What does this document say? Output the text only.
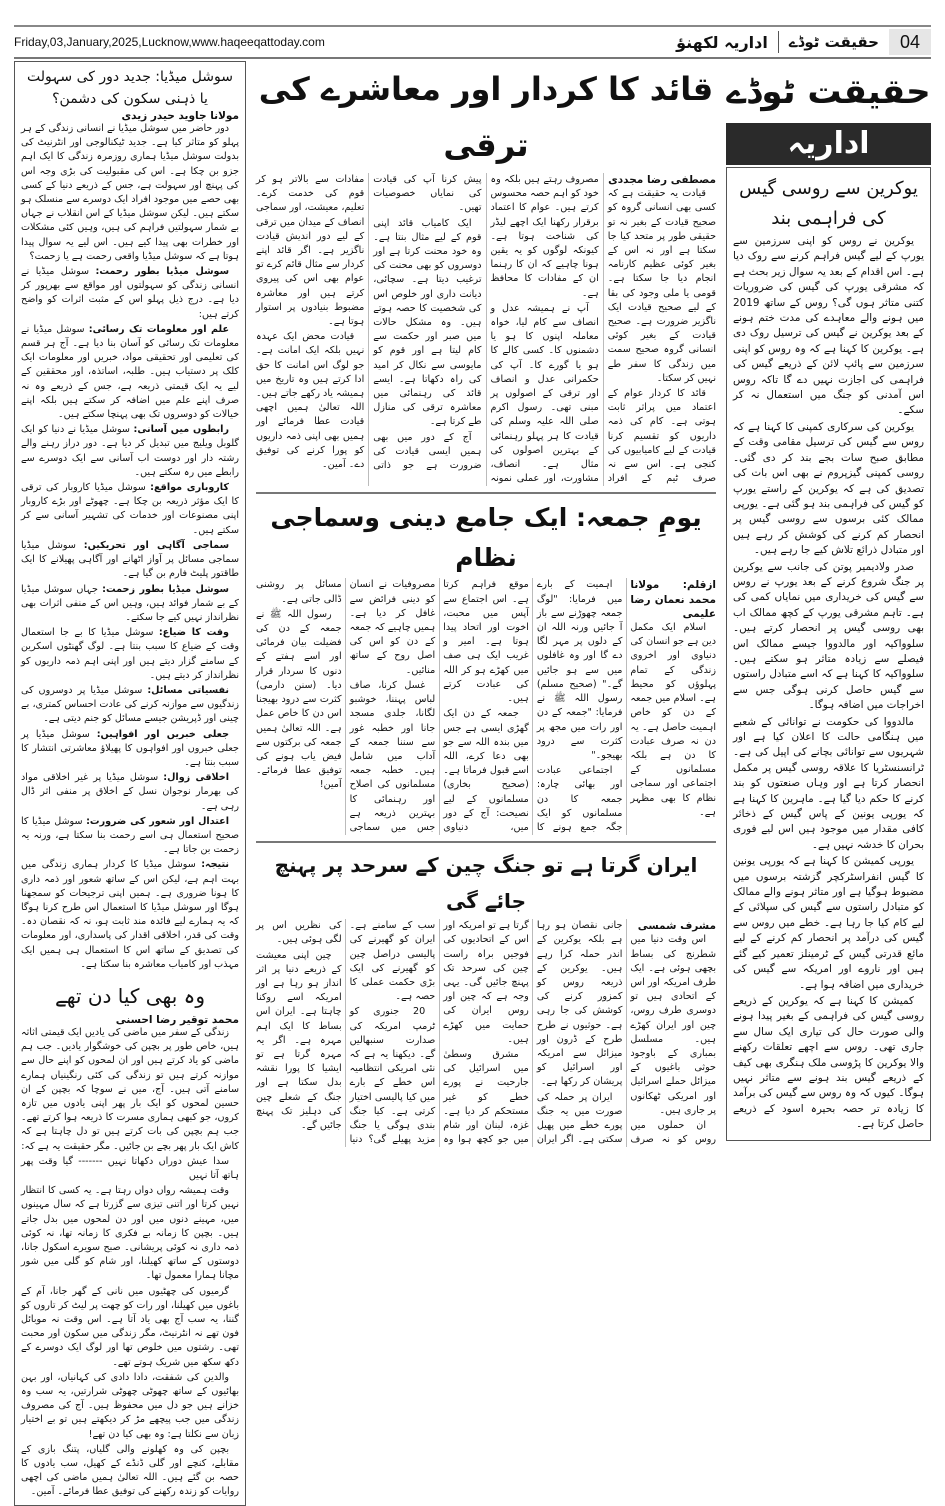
Friday,03,January,2025,Lucknow,www.haqeeqattoday.com	اداریہ لکھنؤ	حقیقت ٹوڈے	04
سوشل میڈیا: جدید دور کی سہولت یا ذہنی سکون کی دشمن؟
مولانا جاوید حیدر زیدی

دور حاضر میں سوشل میڈیا نے انسانی زندگی کے ہر پہلو کو متاثر کیا ہے۔ جدید ٹیکنالوجی اور انٹرنیٹ کی بدولت سوشل میڈیا ہماری روزمرہ زندگی کا ایک اہم جزو بن چکا ہے۔ اس کی مقبولیت کی بڑی وجہ اس کی پہنچ اور سہولت ہے، جس کے ذریعے دنیا کے کسی بھی حصے میں موجود افراد ایک دوسرے سے منسلک ہو سکتے ہیں۔ لیکن سوشل میڈیا کے اس انقلاب نے جہاں بے شمار سہولتیں فراہم کی ہیں، وہیں کئی مشکلات اور خطرات بھی پیدا کیے ہیں۔ اس لیے یہ سوال پیدا ہوتا ہے کہ سوشل میڈیا واقعی رحمت ہے یا زحمت؟

سوشل میڈیا بطور رحمت: سوشل میڈیا نے انسانی زندگی کو سہولتوں اور مواقع سے بھرپور کر دیا ہے۔ درج ذیل پہلو اس کے مثبت اثرات کو واضح کرتے ہیں:

علم اور معلومات تک رسائی: سوشل میڈیا نے معلومات تک رسائی کو آسان بنا دیا ہے۔ آج ہر قسم کی تعلیمی اور تحقیقی مواد، خبریں اور معلومات ایک کلک پر دستیاب ہیں۔ طلبہ، اساتذہ، اور محققین کے لیے یہ ایک قیمتی ذریعہ ہے، جس کے ذریعے وہ نہ صرف اپنے علم میں اضافہ کر سکتے ہیں بلکہ اپنے خیالات کو دوسروں تک بھی پہنچا سکتے ہیں۔

رابطوں میں آسانی: سوشل میڈیا نے دنیا کو ایک گلوبل ویلیج میں تبدیل کر دیا ہے۔ دور دراز رہنے والے رشتہ دار اور دوست اب آسانی سے ایک دوسرے سے رابطے میں رہ سکتے ہیں۔

کاروباری مواقع: سوشل میڈیا کاروبار کی ترقی کا ایک مؤثر ذریعہ بن چکا ہے۔ چھوٹے اور بڑے کاروبار اپنی مصنوعات اور خدمات کی تشہیر آسانی سے کر سکتے ہیں۔

سماجی آگاہی اور تحریکیں: سوشل میڈیا سماجی مسائل پر آواز اٹھانے اور آگاہی پھیلانے کا ایک طاقتور پلیٹ فارم بن گیا ہے۔

سوشل میڈیا بطور زحمت: جہاں سوشل میڈیا کے بے شمار فوائد ہیں، وہیں اس کے منفی اثرات بھی نظرانداز نہیں کیے جا سکتے۔

وقت کا ضیاع: سوشل میڈیا کا بے جا استعمال وقت کے ضیاع کا سبب بنتا ہے۔ لوگ گھنٹوں اسکرین کے سامنے گزار دیتے ہیں اور اپنی اہم ذمہ داریوں کو نظرانداز کر دیتے ہیں۔

نفسیاتی مسائل: سوشل میڈیا پر دوسروں کی زندگیوں سے موازنہ کرنے کی عادت احساس کمتری، بے چینی اور ڈپریشن جیسے مسائل کو جنم دیتی ہے۔

جعلی خبریں اور افواہیں: سوشل میڈیا پر جعلی خبروں اور افواہوں کا پھیلاؤ معاشرتی انتشار کا سبب بنتا ہے۔

اخلاقی زوال: سوشل میڈیا پر غیر اخلاقی مواد کی بھرمار نوجوان نسل کے اخلاق پر منفی اثر ڈال رہی ہے۔

اعتدال اور شعور کی ضرورت: سوشل میڈیا کا صحیح استعمال ہی اسے رحمت بنا سکتا ہے، ورنہ یہ زحمت بن جاتا ہے۔

نتیجہ: سوشل میڈیا کا کردار ہماری زندگی میں بہت اہم ہے، لیکن اس کے ساتھ شعور اور ذمہ داری کا ہونا ضروری ہے۔ ہمیں اپنی ترجیحات کو سمجھنا ہوگا اور سوشل میڈیا کا استعمال اس طرح کرنا ہوگا کہ یہ ہمارے لیے فائدہ مند ثابت ہو، نہ کہ نقصان دہ۔ وقت کی قدر، اخلاقی اقدار کی پاسداری، اور معلومات کی تصدیق کے ساتھ اس کا استعمال ہی ہمیں ایک مہذب اور کامیاب معاشرہ بنا سکتا ہے۔

وہ بھی کیا دن تھے
محمد توقیر رضا احسنی

زندگی کے سفر میں ماضی کی یادیں ایک قیمتی اثاثہ ہیں، خاص طور پر بچپن کی خوشگوار یادیں۔ جب ہم ماضی کو یاد کرتے ہیں اور ان لمحوں کو اپنے حال سے موازنہ کرتے ہیں تو زندگی کی کئی رنگینیاں ہمارے سامنے آتی ہیں۔ آج، میں نے سوچا کہ بچپن کے ان حسین لمحوں کو ایک بار پھر اپنی یادوں میں تازہ کروں، جو کبھی ہماری مسرت کا ذریعہ ہوا کرتے تھے۔ جب ہم بچپن کی بات کرتے ہیں تو دل چاہتا ہے کہ کاش ایک بار پھر بچے بن جائیں۔ مگر حقیقت یہ ہے کہ:

سدا عیش دوراں دکھاتا نہیں ------- گیا وقت پھر ہاتھ آتا نہیں

وقت ہمیشہ رواں دواں رہتا ہے۔ یہ کسی کا انتظار نہیں کرتا اور اتنی تیزی سے گزرتا ہے کہ سال مہینوں میں، مہینے دنوں میں اور دن لمحوں میں بدل جاتے ہیں۔ بچپن کا زمانہ بے فکری کا زمانہ تھا، نہ کوئی ذمہ داری نہ کوئی پریشانی۔ صبح سویرے اسکول جانا، دوستوں کے ساتھ کھیلنا، اور شام کو گلی میں شور مچانا ہمارا معمول تھا۔

گرمیوں کی چھٹیوں میں نانی کے گھر جانا، آم کے باغوں میں کھیلنا، اور رات کو چھت پر لیٹ کر تاروں کو گننا، یہ سب آج بھی یاد آتا ہے۔ اس وقت نہ موبائل فون تھے نہ انٹرنیٹ، مگر زندگی میں سکون اور محبت تھی۔ رشتوں میں خلوص تھا اور لوگ ایک دوسرے کے دکھ سکھ میں شریک ہوتے تھے۔

والدین کی شفقت، دادا دادی کی کہانیاں، اور بہن بھائیوں کے ساتھ چھوٹی چھوٹی شرارتیں، یہ سب وہ خزانے ہیں جو دل میں محفوظ ہیں۔ آج کی مصروف زندگی میں جب پیچھے مڑ کر دیکھتے ہیں تو بے اختیار زبان سے نکلتا ہے: وہ بھی کیا دن تھے!

بچپن کی وہ کھلونے والی گلیاں، پتنگ بازی کے مقابلے، کنچے اور گلی ڈنڈے کے کھیل، سب یادوں کا حصہ بن گئے ہیں۔ اللہ تعالیٰ ہمیں ماضی کی اچھی روایات کو زندہ رکھنے کی توفیق عطا فرمائے۔ آمین۔

قائد کا کردار اور معاشرے کی ترقی
مصطفی رضا مجددی

قیادت یہ حقیقت ہے کہ کسی بھی انسانی گروہ کو صحیح قیادت کے بغیر نہ تو حقیقی طور پر متحد کیا جا سکتا ہے اور نہ اس کے بغیر کوئی عظیم کارنامہ انجام دیا جا سکتا ہے۔ قومی یا ملی وجود کی بقا کے لیے صحیح قیادت ایک ناگزیر ضرورت ہے۔ صحیح قیادت کے بغیر کوئی انسانی گروہ صحیح سمت میں زندگی کا سفر طے نہیں کر سکتا۔

قائد کا کردار عوام کے اعتماد میں پراثر ثابت ہوتی ہے۔ کام کی ذمہ داریوں کو تقسیم کرنا قیادت کے لیے کامیابیوں کی کنجی ہے۔ اس سے نہ صرف ٹیم کے افراد مصروف رہتے ہیں بلکہ وہ خود کو اہم حصہ محسوس کرتے ہیں۔ عوام کا اعتماد برقرار رکھنا ایک اچھے لیڈر کی شناخت ہوتا ہے۔ کیونکہ لوگوں کو یہ یقین ہونا چاہیے کہ ان کا رہنما ان کے مفادات کا محافظ ہے۔

آپ نے ہمیشہ عدل و انصاف سے کام لیا، خواہ معاملہ اپنوں کا ہو یا دشمنوں کا۔ کسی کالے کا ہو یا گورے کا۔ آپ کی حکمرانی عدل و انصاف اور ترقی کے اصولوں پر مبنی تھی۔ رسول اکرم صلی اللہ علیہ وسلم کی قیادت کا ہر پہلو رہنمائی کے بہترین اصولوں کی مثال ہے۔ انصاف، مشاورت، اور عملی نمونہ پیش کرنا آپ کی قیادت کی نمایاں خصوصیات تھیں۔

ایک کامیاب قائد اپنی قوم کے لیے مثال بنتا ہے۔ وہ خود محنت کرتا ہے اور دوسروں کو بھی محنت کی ترغیب دیتا ہے۔ سچائی، دیانت داری اور خلوص اس کی شخصیت کا حصہ ہوتے ہیں۔ وہ مشکل حالات میں صبر اور حکمت سے کام لیتا ہے اور قوم کو مایوسی سے نکال کر امید کی راہ دکھاتا ہے۔ ایسے قائد کی رہنمائی میں معاشرہ ترقی کی منازل طے کرتا ہے۔

آج کے دور میں بھی ہمیں ایسی قیادت کی ضرورت ہے جو ذاتی مفادات سے بالاتر ہو کر قوم کی خدمت کرے۔ تعلیم، معیشت، اور سماجی انصاف کے میدان میں ترقی کے لیے دور اندیش قیادت ناگزیر ہے۔ اگر قائد اپنے کردار سے مثال قائم کرے تو عوام بھی اس کی پیروی کرتے ہیں اور معاشرہ مضبوط بنیادوں پر استوار ہوتا ہے۔

قیادت محض ایک عہدہ نہیں بلکہ ایک امانت ہے۔ جو لوگ اس امانت کا حق ادا کرتے ہیں وہ تاریخ میں ہمیشہ یاد رکھے جاتے ہیں۔ اللہ تعالیٰ ہمیں اچھی قیادت عطا فرمائے اور ہمیں بھی اپنی ذمہ داریوں کو پورا کرنے کی توفیق دے۔ آمین۔

یومِ جمعہ: ایک جامع دینی وسماجی نظام
ازقلم: مولانا محمد نعمان رضا علیمی

اسلام ایک مکمل دین ہے جو انسان کی دنیاوی اور اخروی زندگی کے تمام پہلوؤں کو محیط ہے۔ اسلام میں جمعہ کے دن کو خاص اہمیت حاصل ہے۔ یہ دن نہ صرف عبادت کا دن ہے بلکہ مسلمانوں کے اجتماعی اور سماجی نظام کا بھی مظہر ہے۔

اہمیت کے بارے میں فرمایا: "لوگ جمعہ چھوڑنے سے باز آ جائیں ورنہ اللہ ان کے دلوں پر مہر لگا دے گا اور وہ غافلوں میں سے ہو جائیں گے۔" (صحیح مسلم) رسول اللہ ﷺ نے فرمایا: "جمعہ کے دن اور رات میں مجھ پر کثرت سے درود بھیجو۔"

اجتماعی عبادت اور بھائی چارہ: جمعہ کا دن مسلمانوں کو ایک جگہ جمع ہونے کا موقع فراہم کرتا ہے۔ اس اجتماع سے آپس میں محبت، اخوت اور اتحاد پیدا ہوتا ہے۔ امیر و غریب ایک ہی صف میں کھڑے ہو کر اللہ کی عبادت کرتے ہیں۔

جمعہ کے دن ایک گھڑی ایسی ہے جس میں بندہ اللہ سے جو بھی دعا کرے، اللہ اسے قبول فرماتا ہے۔ (صحیح بخاری) مسلمانوں کے لیے نصیحت: آج کے دور میں، دنیاوی مصروفیات نے انسان کو دینی فرائض سے غافل کر دیا ہے۔ ہمیں چاہیے کہ جمعہ کے دن کو اس کی اصل روح کے ساتھ منائیں۔

غسل کرنا، صاف لباس پہننا، خوشبو لگانا، جلدی مسجد جانا اور خطبہ غور سے سننا جمعہ کے آداب میں شامل ہیں۔ خطبہ جمعہ مسلمانوں کی اصلاح اور رہنمائی کا بہترین ذریعہ ہے جس میں سماجی مسائل پر روشنی ڈالی جاتی ہے۔

رسول اللہ ﷺ نے جمعہ کے دن کی فضیلت بیان فرمائی اور اسے ہفتے کے دنوں کا سردار قرار دیا۔ (سنن دارمی) کثرت سے درود بھیجنا اس دن کا خاص عمل ہے۔ اللہ تعالیٰ ہمیں جمعہ کی برکتوں سے فیض یاب ہونے کی توفیق عطا فرمائے۔ آمین!

ایران گرتا ہے تو جنگ چین کے سرحد پر پہنچ جائے گی
مشرف شمسی

اس وقت دنیا میں شطرنج کی بساط بچھی ہوئی ہے۔ ایک طرف امریکہ اور اس کے اتحادی ہیں تو دوسری طرف روس، چین اور ایران کھڑے ہیں۔ مسلسل بمباری کے باوجود حوثی باغیوں کے میزائل حملے اسرائیل اور امریکی ٹھکانوں پر جاری ہیں۔

ان حملوں میں روس کو نہ صرف جانی نقصان ہو رہا ہے بلکہ یوکرین کے اندر حملہ کرا رہے ہیں۔ یوکرین کے ذریعہ روس کو کمزور کرنے کی کوشش کی جا رہی ہے۔ حوثیوں نے طرح طرح کے ڈرون اور میزائل سے امریکہ اور اسرائیل کو پریشان کر رکھا ہے۔

ایران پر حملہ کی صورت میں یہ جنگ پورے خطے میں پھیل سکتی ہے۔ اگر ایران گرتا ہے تو امریکہ اور اس کے اتحادیوں کی فوجیں براہ راست چین کی سرحد تک پہنچ جائیں گی۔ یہی وجہ ہے کہ چین اور روس ایران کی حمایت میں کھڑے ہیں۔

مشرق وسطیٰ میں اسرائیل کی جارحیت نے پورے خطے کو غیر مستحکم کر دیا ہے۔ غزہ، لبنان اور شام میں جو کچھ ہوا وہ سب کے سامنے ہے۔ ایران کو گھیرنے کی پالیسی دراصل چین کو گھیرنے کی ایک بڑی حکمت عملی کا حصہ ہے۔

20 جنوری کو ٹرمپ امریکہ کی صدارت سنبھالیں گے۔ دیکھنا یہ ہے کہ نئی امریکی انتظامیہ اس خطے کے بارے میں کیا پالیسی اختیار کرتی ہے۔ کیا جنگ بندی ہوگی یا جنگ مزید پھیلے گی؟ دنیا کی نظریں اس پر لگی ہوئی ہیں۔

چین اپنی معیشت کے ذریعے دنیا پر اثر انداز ہو رہا ہے اور امریکہ اسے روکنا چاہتا ہے۔ ایران اس بساط کا ایک اہم مہرہ ہے۔ اگر یہ مہرہ گرتا ہے تو ایشیا کا پورا نقشہ بدل سکتا ہے اور جنگ کے شعلے چین کی دہلیز تک پہنچ جائیں گے۔

حقیقت ٹوڈے
اداریہ
یوکرین سے روسی گیس کی فراہمی بند

یوکرین نے روس کو اپنی سرزمین سے یورپ کے لیے گیس فراہم کرنے سے روک دیا ہے۔ اس اقدام کے بعد یہ سوال زیر بحث ہے کہ مشرقی یورپ کی گیس کی ضروریات کتنی متاثر ہوں گی؟ روس کے ساتھ 2019 میں ہونے والے معاہدے کی مدت ختم ہونے کے بعد یوکرین نے گیس کی ترسیل روک دی ہے۔ یوکرین کا کہنا ہے کہ وہ روس کو اپنی سرزمین سے پائپ لائن کے ذریعے گیس کی فراہمی کی اجازت نہیں دے گا تاکہ روس اس آمدنی کو جنگ میں استعمال نہ کر سکے۔

یوکرین کی سرکاری کمپنی کا کہنا ہے کہ روس سے گیس کی ترسیل مقامی وقت کے مطابق صبح سات بجے بند کر دی گئی۔ روسی کمپنی گیزپروم نے بھی اس بات کی تصدیق کی ہے کہ یوکرین کے راستے یورپ کو گیس کی فراہمی بند ہو گئی ہے۔ یورپی ممالک کئی برسوں سے روسی گیس پر انحصار کم کرنے کی کوشش کر رہے ہیں اور متبادل ذرائع تلاش کیے جا رہے ہیں۔

صدر ولادیمیر پوتن کی جانب سے یوکرین پر جنگ شروع کرنے کے بعد یورپ نے روس سے گیس کی خریداری میں نمایاں کمی کی ہے۔ تاہم مشرقی یورپ کے کچھ ممالک اب بھی روسی گیس پر انحصار کرتے ہیں۔ سلوواکیہ اور مالدووا جیسے ممالک اس فیصلے سے زیادہ متاثر ہو سکتے ہیں۔ سلوواکیہ کا کہنا ہے کہ اسے متبادل راستوں سے گیس حاصل کرنی ہوگی جس سے اخراجات میں اضافہ ہوگا۔

مالدووا کی حکومت نے توانائی کے شعبے میں ہنگامی حالت کا اعلان کیا ہے اور شہریوں سے توانائی بچانے کی اپیل کی ہے۔ ٹرانسنسٹریا کا علاقہ روسی گیس پر مکمل انحصار کرتا ہے اور وہاں صنعتوں کو بند کرنے کا حکم دیا گیا ہے۔ ماہرین کا کہنا ہے کہ یورپی یونین کے پاس گیس کے ذخائر کافی مقدار میں موجود ہیں اس لیے فوری بحران کا خدشہ نہیں ہے۔

یورپی کمیشن کا کہنا ہے کہ یورپی یونین کا گیس انفراسٹرکچر گزشتہ برسوں میں مضبوط ہوگیا ہے اور متاثر ہونے والے ممالک کو متبادل راستوں سے گیس کی سپلائی کے لیے کام کیا جا رہا ہے۔ خطے میں روس سے گیس کی درآمد پر انحصار کم کرنے کے لیے مائع قدرتی گیس کے ٹرمینلز تعمیر کیے گئے ہیں اور ناروے اور امریکہ سے گیس کی خریداری میں اضافہ ہوا ہے۔

کمیشن کا کہنا ہے کہ یوکرین کے ذریعے روسی گیس کی فراہمی کے بغیر پیدا ہونے والی صورت حال کی تیاری ایک سال سے جاری تھی۔ روس سے اچھے تعلقات رکھنے والا یوکرین کا پڑوسی ملک ہنگری بھی کیف کے ذریعے گیس بند ہونے سے متاثر نہیں ہوگا۔ کیوں کہ وہ روس سے گیس کی برآمد کا زیادہ تر حصہ بحیرہ اسود کے ذریعے حاصل کرتا ہے۔
